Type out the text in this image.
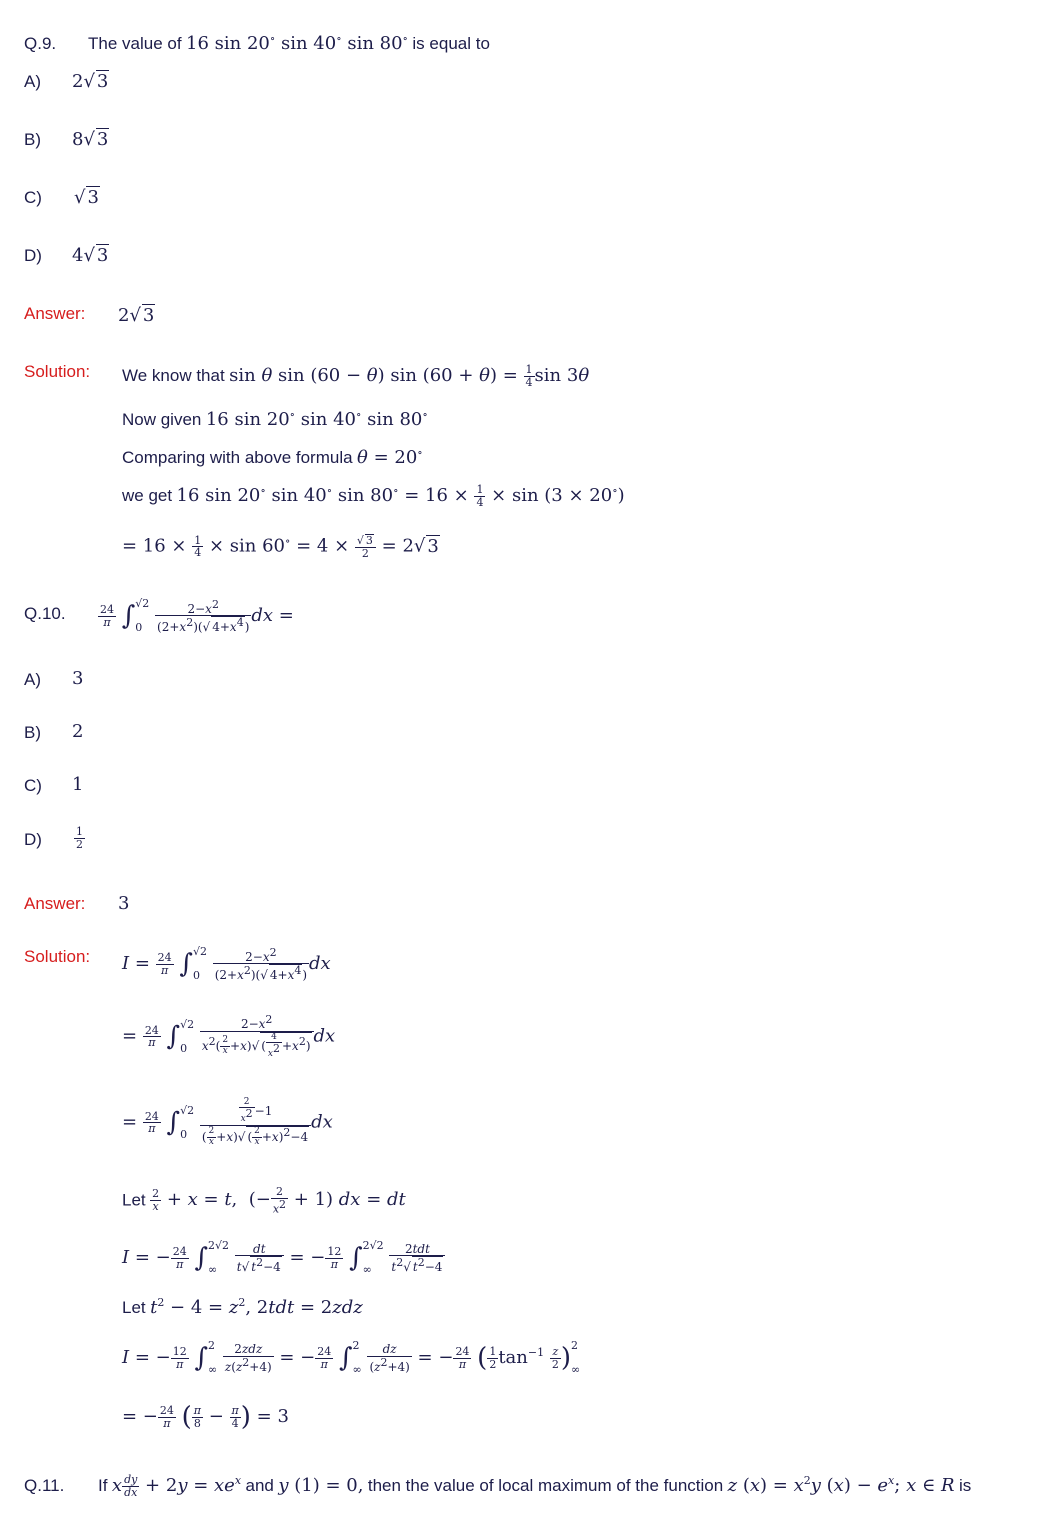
Q.9. The value of 16 sin 20∘ sin 40∘ sin 80∘ is equal to
A) 2√ 3
B) 8√ 3
C) √ 3
D) 4√ 3
Answer: 2√ 3
Solution: We know that sin θ sin (60 − θ) $\sin (60 + \theta) = \frac{1}{4}$ sin 3θ
Now given 16 sin 20∘ sin 40∘ sin 80∘
Comparing with above formula θ = 20∘
we get 16 sin 20∘ sin 40∘ $\sin 80^\circ = 16 \times \frac{1}{4} \times \sin (3 \times 20^\circ)$
= $16 \times \frac{1}{4} \times \sin 60^\circ = 4 \times \frac{√ 3}{2} = 2√$ 3
Q.10.	$\frac{24}{\pi} \int√2$

$0 \frac{2-x^2}{(2+x^2)(√ 4+x^4)}$ dx =
A) 3
B) 2
C) 1
D)	$\frac{1}{2}$
Answer: 3
Solution: $I = \frac{24}{\pi} \int√2$

$0 \frac{2-x^2}{(2+x^2)(√ 4+x^4)}$ dx
= $\frac{24}{\pi} \int√2$

$0 \frac{2-x^2}{x^2( \frac{2}{x} +x)√ ( \frac{4}{x^2} +x^2)}$ dx
= $\frac{24}{\pi} \int√2$

$0 \frac{\frac{2}{x^2} -1}{( \frac{2}{x} +x)√ ( \frac{2}{x} +x)^2-4}$ dx
Let $\frac{2}{x} + x = t$,  (− $\frac{2}{x^2} + 1$) dx = dt
I = − $\frac{24}{\pi} \int 2√2$

∞ $\frac{dt}{t√ t^2-4}$ = − $\frac{12}{\pi} \int 2√2$

∞ $\frac{\text{2tdt}}{t^2√ t^2-4}$
Let $t^2 - 4 = z^2$, 2tdt = 2zdz
I = − $\frac{12}{\pi} \int 2$

∞ $\frac{\text{2zdz}}{z(z^2+4)}$ = − $\frac{24}{\pi} \int 2$

∞ $\frac{dz}{(z^2+4)}$ = − $\frac{24}{\pi}$ ( $\frac{1}{2} \tan^{-1} \frac{z}{2} )2$

∞
= − $\frac{24}{\pi}$ ( $\frac{\pi}{8} - \frac{\pi}{4}$ ) = 3
Q.11. If x $\frac{dy}{dx} + 2y = xe^x$ and y (1) = 0, then the value of local maximum of the function z $(x) = x^2y$ $(x) - e^x$; x ∈ R is
